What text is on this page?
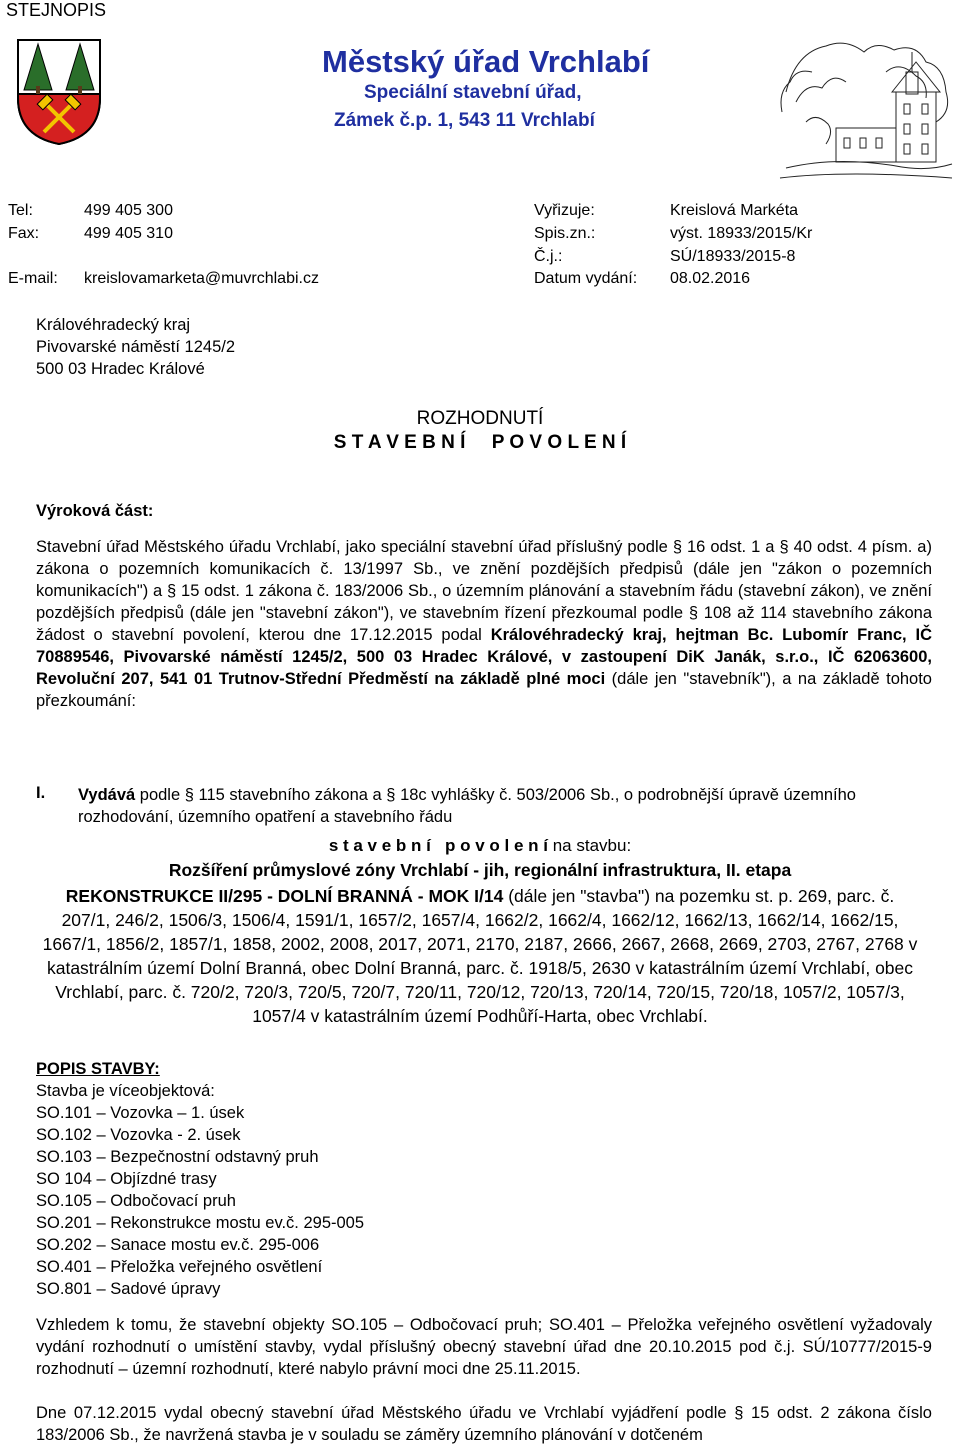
STEJNOPIS
Městský úřad Vrchlabí
Speciální stavební úřad,
Zámek č.p. 1, 543 11 Vrchlabí
Tel:	499 405 300
Fax:	499 405 310
E-mail: kreislovamarketa@muvrchlabi.cz
Vyřizuje:	Kreislová Markéta
Spis.zn.:	výst. 18933/2015/Kr
Č.j.:	SÚ/18933/2015-8
Datum vydání: 08.02.2016
Královéhradecký kraj
Pivovarské náměstí 1245/2
500 03 Hradec Králové
ROZHODNUTÍ
S T A V E B N Í     P O V O L E N Í
Výroková část:
Stavební úřad Městského úřadu Vrchlabí, jako speciální stavební úřad příslušný podle § 16 odst. 1 a § 40 odst. 4 písm. a) zákona o pozemních komunikacích č. 13/1997 Sb., ve znění pozdějších předpisů (dále jen "zákon o pozemních komunikacích") a § 15 odst. 1 zákona č. 183/2006 Sb., o územním plánování a stavebním řádu (stavební zákon), ve znění pozdějších předpisů (dále jen "stavební zákon"), ve stavebním řízení přezkoumal podle § 108 až 114 stavebního zákona žádost o stavební povolení, kterou dne 17.12.2015 podal Královéhradecký kraj, hejtman Bc. Lubomír Franc, IČ 70889546, Pivovarské náměstí 1245/2, 500 03 Hradec Králové, v zastoupení DiK Janák, s.r.o., IČ 62063600, Revoluční 207, 541 01 Trutnov-Střední Předměstí na základě plné moci (dále jen "stavebník"), a na základě tohoto přezkoumání:
I. Vydává podle § 115 stavebního zákona a § 18c vyhlášky č. 503/2006 Sb., o podrobnější úpravě územního rozhodování, územního opatření a stavebního řádu
s t a v e b n í   p o v o l e n í na stavbu:
Rozšíření průmyslové zóny Vrchlabí - jih, regionální infrastruktura, II. etapa
REKONSTRUKCE II/295 - DOLNÍ BRANNÁ - MOK I/14 (dále jen "stavba") na pozemku st. p. 269, parc. č. 207/1, 246/2, 1506/3, 1506/4, 1591/1, 1657/2, 1657/4, 1662/2, 1662/4, 1662/12, 1662/13, 1662/14, 1662/15, 1667/1, 1856/2, 1857/1, 1858, 2002, 2008, 2017, 2071, 2170, 2187, 2666, 2667, 2668, 2669, 2703, 2767, 2768 v katastrálním území Dolní Branná, obec Dolní Branná, parc. č. 1918/5, 2630 v katastrálním území Vrchlabí, obec Vrchlabí, parc. č. 720/2, 720/3, 720/5, 720/7, 720/11, 720/12, 720/13, 720/14, 720/15, 720/18, 1057/2, 1057/3, 1057/4 v katastrálním území Podhůří-Harta, obec Vrchlabí.
POPIS STAVBY:
Stavba je víceobjektová:
SO.101 – Vozovka – 1. úsek
SO.102 – Vozovka - 2. úsek
SO.103 – Bezpečnostní odstavný pruh
SO 104 – Objízdné trasy
SO.105 – Odbočovací pruh
SO.201 – Rekonstrukce mostu ev.č. 295-005
SO.202 – Sanace mostu ev.č. 295-006
SO.401 – Přeložka veřejného osvětlení
SO.801 – Sadové úpravy
Vzhledem k tomu, že stavební objekty SO.105 – Odbočovací pruh; SO.401 – Přeložka veřejného osvětlení vyžadovaly vydání rozhodnutí o umístění stavby, vydal příslušný obecný stavební úřad dne 20.10.2015 pod č.j. SÚ/10777/2015-9 rozhodnutí – územní rozhodnutí, které nabylo právní moci dne 25.11.2015.
Dne 07.12.2015 vydal obecný stavební úřad Městského úřadu ve Vrchlabí vyjádření podle § 15 odst. 2 zákona číslo 183/2006 Sb., že navržená stavba je v souladu se záměry územního plánování v dotčeném
